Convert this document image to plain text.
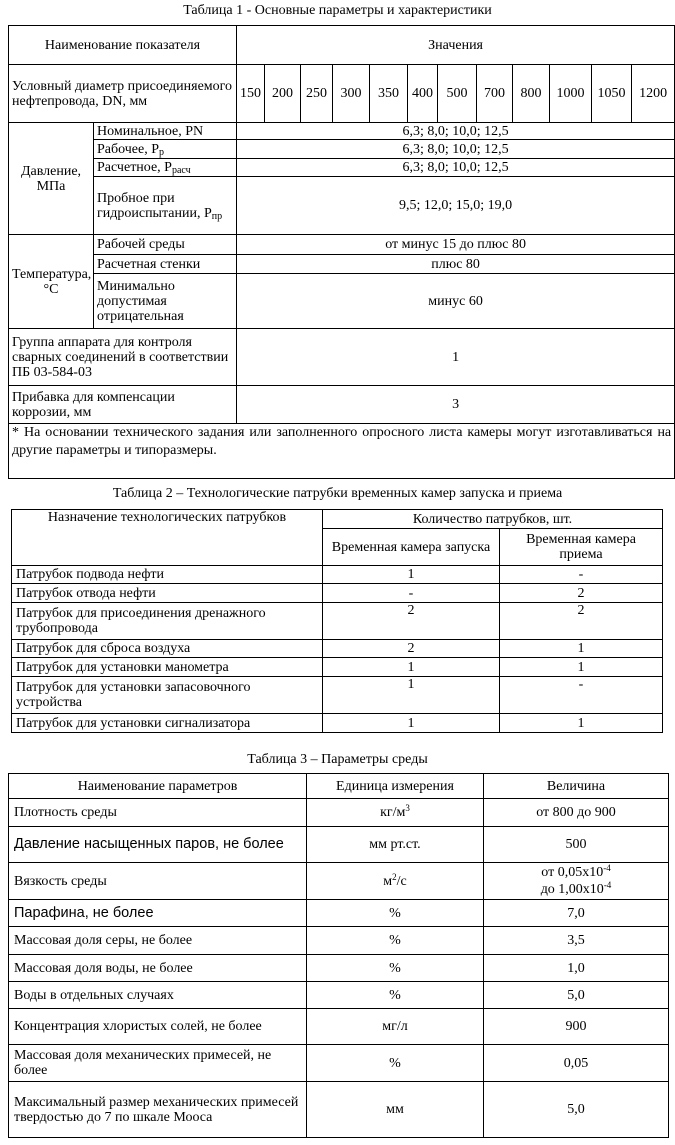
Таблица 1 - Основные параметры и характеристики
Наименование показателя		Значения											
Условный диаметр присоединяемого нефтепровода, DN, мм		150	200	250	300	350	400	500	700	800	1000	1050	1200
Давление, МПа	Номинальное, PN	6,3; 8,0; 10,0; 12,5											
	Рабочее, $P_р$	6,3; 8,0; 10,0; 12,5											
	Расчетное, $P_{расч}$	6,3; 8,0; 10,0; 12,5											
	Пробное при гидроиспытании, $P_{пр}$	9,5; 12,0; 15,0; 19,0											
Температура, °С	Рабочей среды	от минус 15 до плюс 80											
	Расчетная стенки	плюс 80											
	Минимально допустимая отрицательная	минус 60											
Группа аппарата для контроля сварных соединений в соответствии ПБ 03-584-03		1											
Прибавка для компенсации коррозии, мм		3											
* На основании технического задания или заполненного опросного листа камеры могут изготавливаться на другие параметры и типоразмеры.													
Таблица 2 – Технологические патрубки временных камер запуска и приема
Назначение технологических патрубков	Количество патрубков, шт.	
	Временная камера запуска	Временная камера приема
Патрубок подвода нефти	1	-
Патрубок отвода нефти	-	2
Патрубок для присоединения дренажного трубопровода	2	2
Патрубок для сброса воздуха	2	1
Патрубок для установки манометра	1	1
Патрубок для установки запасовочного устройства	1	-
Патрубок для установки сигнализатора	1	1
Таблица 3 – Параметры среды
Наименование параметров	Единица измерения	Величина
Плотность среды	$кг/м^3$	от 800 до 900
Давление насыщенных паров, не более	мм рт.ст.	500
Вязкость среды	$м^2/с$	от $0,05x10^{-4}$
до $1,00x10^{-4}$
Парафина, не более	%	7,0
Массовая доля серы, не более	%	3,5
Массовая доля воды, не более	%	1,0
Воды в отдельных случаях	%	5,0
Концентрация хлористых солей, не более	мг/л	900
Массовая доля механических примесей, не более	%	0,05
Максимальный размер механических примесей твердостью до 7 по шкале Мооса	мм	5,0
